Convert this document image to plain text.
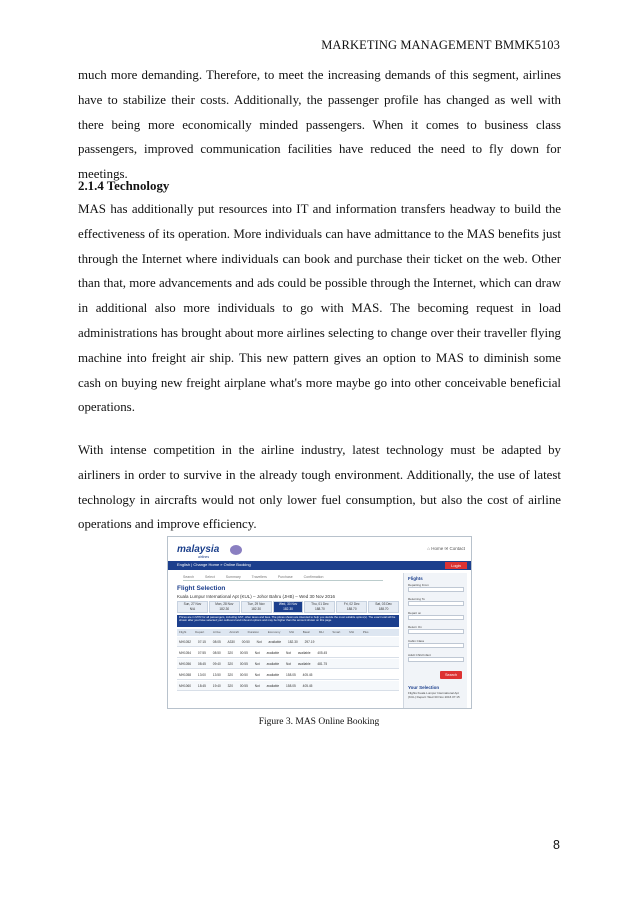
MARKETING MANAGEMENT BMMK5103
much more demanding. Therefore, to meet the increasing demands of this segment, airlines have to stabilize their costs. Additionally, the passenger profile has changed as well with there being more economically minded passengers. When it comes to business class passengers, improved communication facilities have reduced the need to fly down for meetings.
2.1.4 Technology
MAS has additionally put resources into IT and information transfers headway to build the effectiveness of its operation. More individuals can have admittance to the MAS benefits just through the Internet where individuals can book and purchase their ticket on the web. Other than that, more advancements and ads could be possible through the Internet, which can draw in additional also more individuals to go with MAS. The becoming request in load administrations has brought about more airlines selecting to change over their traveller flying machine into freight air ship. This new pattern gives an option to MAS to diminish some cash on buying new freight airplane what's more maybe go into other conceivable beneficial operations.
With intense competition in the airline industry, latest technology must be adapted by airliners in order to survive in the already tough environment. Additionally, the use of latest technology in aircrafts would not only lower fuel consumption, but also the cost of airline operations and improve efficiency.
malaysia
airlines
⌂ Home ✉ Contact
English | Change Home » Online Booking	Login
Search Select Summary Travellers Purchase Confirmation
Flight Selection
Kuala Lumpur International Apt (KUL) – Johor Bahru (JHB) – Wed 30 Nov 2016
Sun, 27 Nov
N/A
Mon, 28 Nov
182.30
Tue, 29 Nov
182.30
Wed, 30 Nov
182.30
Thu, 01 Dec
188.70
Fri, 02 Dec
188.70
Sat, 03 Dec
188.70
Prices are in MYR for all passengers, including GST, other taxes and fees. The prices shown are intended to help you decide the most suitable option(s). The exact total will be shown after you have selected your outbound and inbound options and may be higher than the amount shown on this page.
Flight Depart Arrive Aircraft Duration Economy MH Basic MH Smart MH Plus
MH1052 07:15 08:05 A330 00:50 Not available 182.30 297.19
MH1054 07:55 08:50 320 00:55 Not available Not available 405.45
MH1056 08:45 09:40 320 00:55 Not available Not available 481.75
MH1058 13:00 13:50 320 00:50 Not available 158.05 405.45
MH1060 18:45 19:40 320 00:55 Not available 158.05 405.45
Flights
Departing From
Returning To
Depart on
Return On
Cabin Class
Adult Child Infant
Search
Your Selection
Flights Kuala Lumpur International Apt (KUL) Depart: Wed 30 Nov 2016 07:15
Figure 3. MAS Online Booking
8
